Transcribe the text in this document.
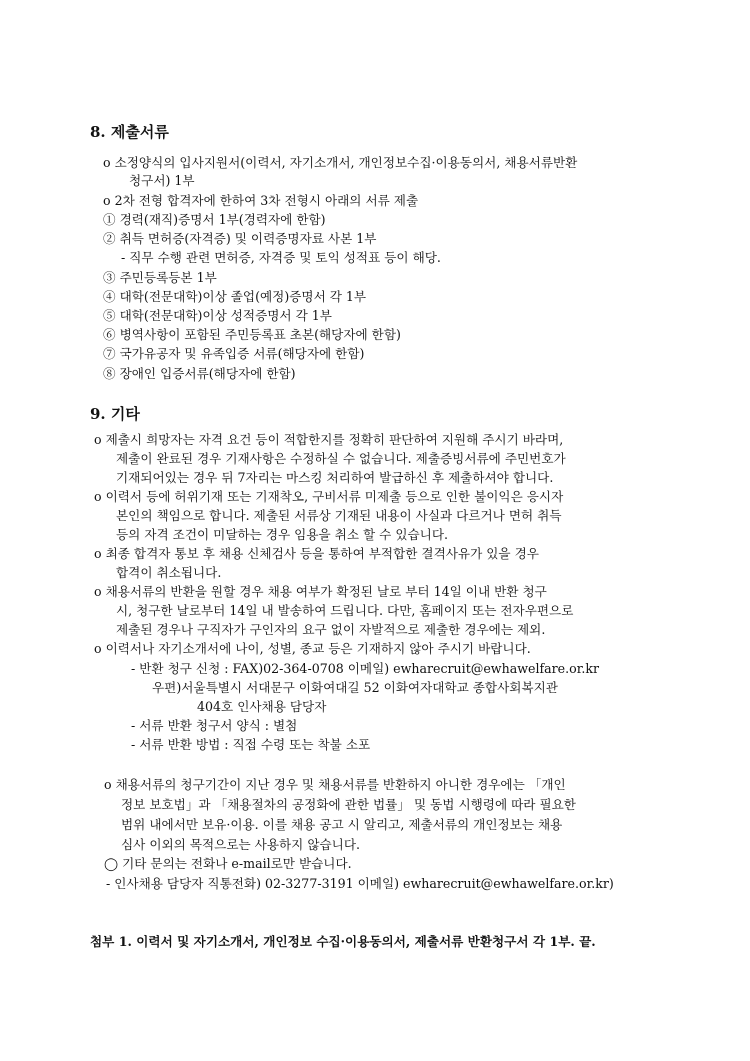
8. 제출서류
o 소정양식의 입사지원서(이력서, 자기소개서, 개인정보수집·이용동의서, 채용서류반환
청구서) 1부
o 2차 전형 합격자에 한하여 3차 전형시 아래의 서류 제출
① 경력(재직)증명서 1부(경력자에 한함)
② 취득 면허증(자격증) 및 이력증명자료 사본 1부
- 직무 수행 관련 면허증, 자격증 및 토익 성적표 등이 해당.
③ 주민등록등본 1부
④ 대학(전문대학)이상 졸업(예정)증명서 각 1부
⑤ 대학(전문대학)이상 성적증명서 각 1부
⑥ 병역사항이 포함된 주민등록표 초본(해당자에 한함)
⑦ 국가유공자 및 유족입증 서류(해당자에 한함)
⑧ 장애인 입증서류(해당자에 한함)
9. 기타
o 제출시 희망자는 자격 요건 등이 적합한지를 정확히 판단하여 지원해 주시기 바라며,
제출이 완료된 경우 기재사항은 수정하실 수 없습니다. 제출증빙서류에 주민번호가
기재되어있는 경우 뒤 7자리는 마스킹 처리하여 발급하신 후 제출하셔야 합니다.
o 이력서 등에 허위기재 또는 기재착오, 구비서류 미제출 등으로 인한 불이익은 응시자
본인의 책임으로 합니다. 제출된 서류상 기재된 내용이 사실과 다르거나 면허 취득
등의 자격 조건이 미달하는 경우 임용을 취소 할 수 있습니다.
o 최종 합격자 통보 후 채용 신체검사 등을 통하여 부적합한 결격사유가 있을 경우
합격이 취소됩니다.
o 채용서류의 반환을 원할 경우 채용 여부가 확정된 날로 부터 14일 이내 반환 청구
시, 청구한 날로부터 14일 내 발송하여 드립니다. 다만, 홈페이지 또는 전자우편으로
제출된 경우나 구직자가 구인자의 요구 없이 자발적으로 제출한 경우에는 제외.
o 이력서나 자기소개서에 나이, 성별, 종교 등은 기재하지 않아 주시기 바랍니다.
- 반환 청구 신청 : FAX)02-364-0708 이메일) ewharecruit@ewhawelfare.or.kr
우편)서울특별시 서대문구 이화여대길 52 이화여자대학교 종합사회복지관
404호 인사채용 담당자
- 서류 반환 청구서 양식 : 별첨
- 서류 반환 방법 : 직접 수령 또는 착불 소포
o 채용서류의 청구기간이 지난 경우 및 채용서류를 반환하지 아니한 경우에는 「개인
정보 보호법」과 「채용절차의 공정화에 관한 법률」 및 동법 시행령에 따라 필요한
범위 내에서만 보유·이용. 이를 채용 공고 시 알리고, 제출서류의 개인정보는 채용
심사 이외의 목적으로는 사용하지 않습니다.
◯ 기타 문의는 전화나 e-mail로만 받습니다.
- 인사채용 담당자 직통전화) 02-3277-3191 이메일) ewharecruit@ewhawelfare.or.kr)
첨부 1. 이력서 및 자기소개서, 개인정보 수집·이용동의서, 제출서류 반환청구서 각 1부. 끝.
